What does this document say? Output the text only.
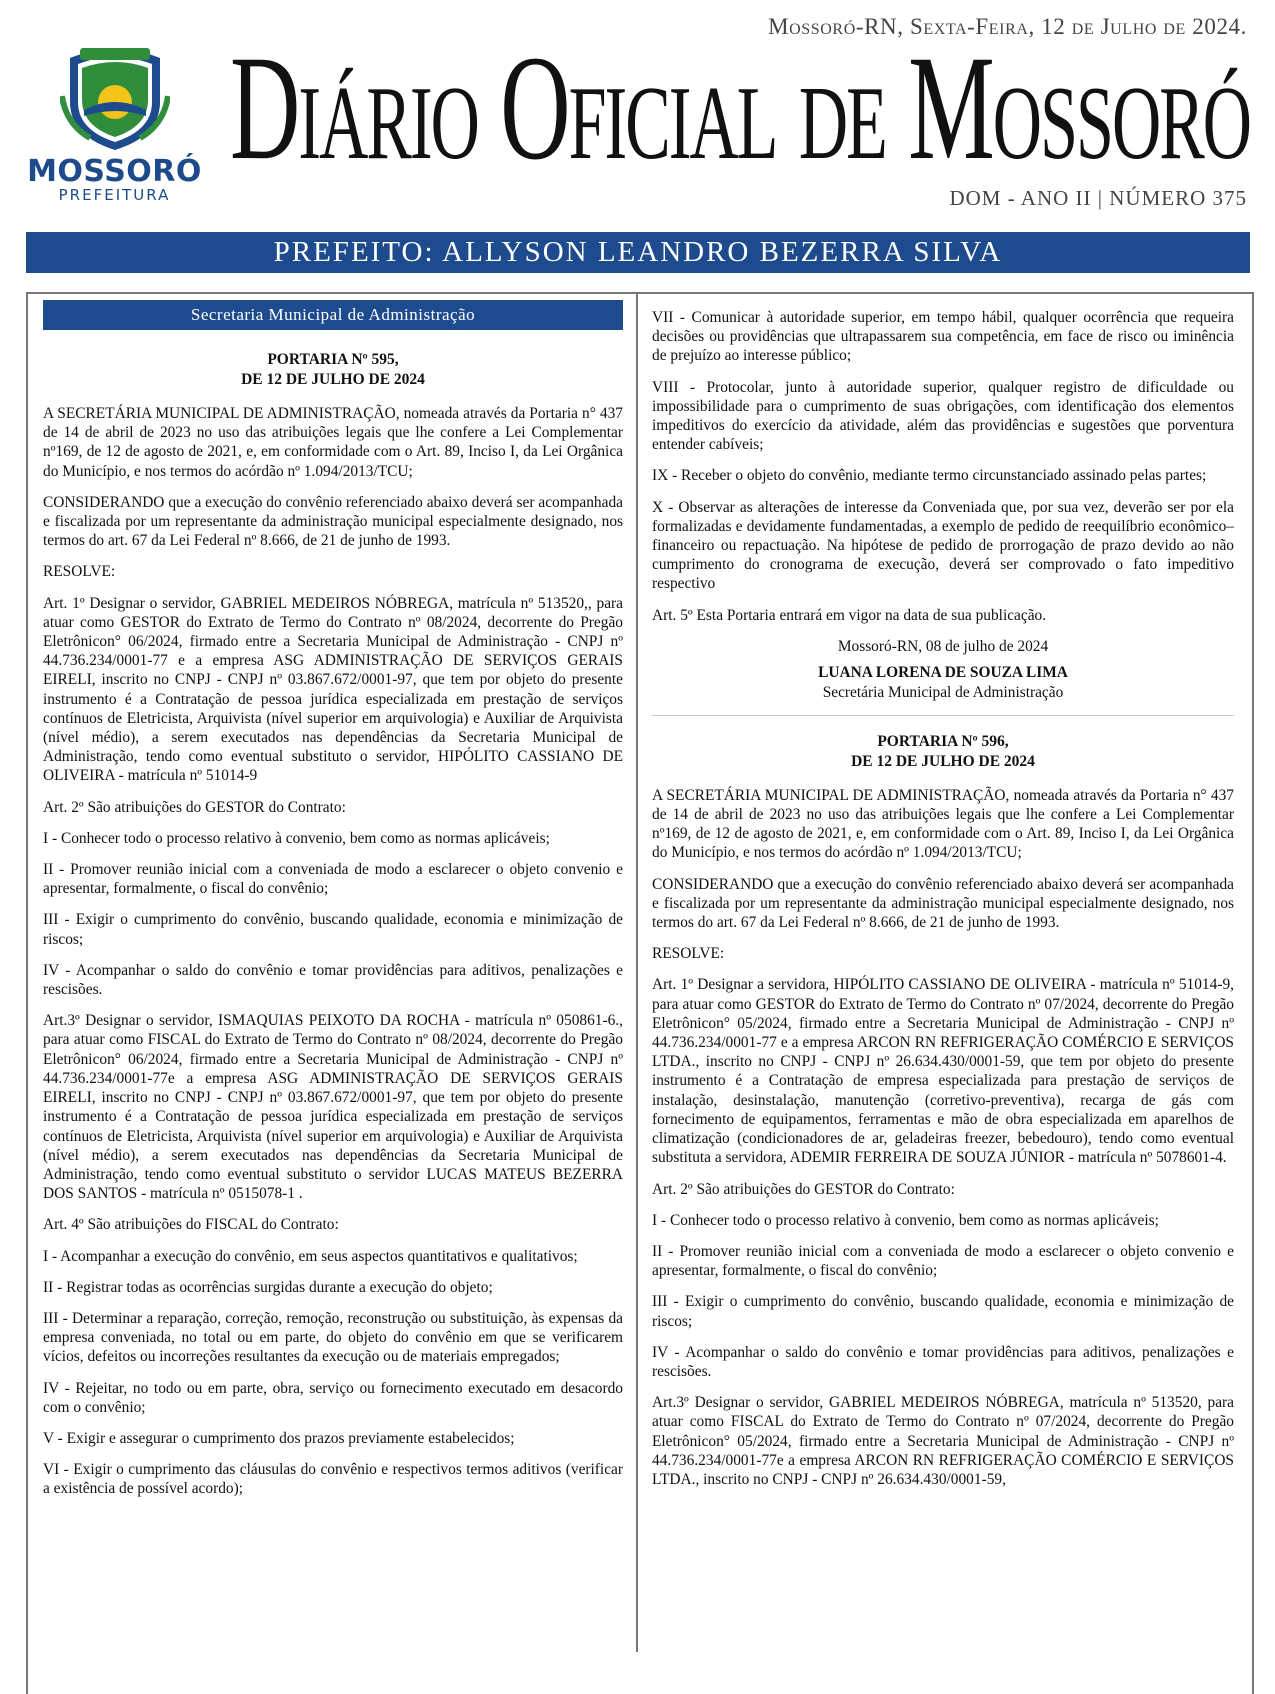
MOSSORÓ
PREFEITURA
Mossoró-RN, Sexta-Feira, 12 de Julho de 2024.
Diário Oficial de Mossoró
DOM - ANO II | NÚMERO 375
PREFEITO: ALLYSON LEANDRO BEZERRA SILVA
Secretaria Municipal de Administração
PORTARIA Nº 595,
DE 12 DE JULHO DE 2024

A SECRETÁRIA MUNICIPAL DE ADMINISTRAÇÃO, nomeada através da Portaria n° 437 de 14 de abril de 2023 no uso das atribuições legais que lhe confere a Lei Complementar nº169, de 12 de agosto de 2021, e, em conformidade com o Art. 89, Inciso I, da Lei Orgânica do Município, e nos termos do acórdão nº 1.094/2013/TCU;

CONSIDERANDO que a execução do convênio referenciado abaixo deverá ser acompanhada e fiscalizada por um representante da administração municipal especialmente designado, nos termos do art. 67 da Lei Federal nº 8.666, de 21 de junho de 1993.

RESOLVE:

Art. 1º Designar o servidor, GABRIEL MEDEIROS NÓBREGA, matrícula nº 513520,, para atuar como GESTOR do Extrato de Termo do Contrato nº 08/2024, decorrente do Pregão Eletrônicon° 06/2024, firmado entre a Secretaria Municipal de Administração - CNPJ nº 44.736.234/0001-77 e a empresa ASG ADMINISTRAÇÃO DE SERVIÇOS GERAIS EIRELI, inscrito no CNPJ - CNPJ nº 03.867.672/0001-97, que tem por objeto do presente instrumento é a Contratação de pessoa jurídica especializada em prestação de serviços contínuos de Eletricista, Arquivista (nível superior em arquivologia) e Auxiliar de Arquivista (nível médio), a serem executados nas dependências da Secretaria Municipal de Administração, tendo como eventual substituto o servidor, HIPÓLITO CASSIANO DE OLIVEIRA - matrícula nº 51014-9

Art. 2º São atribuições do GESTOR do Contrato:

I - Conhecer todo o processo relativo à convenio, bem como as normas aplicáveis;

II - Promover reunião inicial com a conveniada de modo a esclarecer o objeto convenio e apresentar, formalmente, o fiscal do convênio;

III - Exigir o cumprimento do convênio, buscando qualidade, economia e minimização de riscos;

IV - Acompanhar o saldo do convênio e tomar providências para aditivos, penalizações e rescisões.

Art.3º Designar o servidor, ISMAQUIAS PEIXOTO DA ROCHA - matrícula nº 050861-6., para atuar como FISCAL do Extrato de Termo do Contrato nº 08/2024, decorrente do Pregão Eletrônicon° 06/2024, firmado entre a Secretaria Municipal de Administração - CNPJ nº 44.736.234/0001-77e a empresa ASG ADMINISTRAÇÃO DE SERVIÇOS GERAIS EIRELI, inscrito no CNPJ - CNPJ nº 03.867.672/0001-97, que tem por objeto do presente instrumento é a Contratação de pessoa jurídica especializada em prestação de serviços contínuos de Eletricista, Arquivista (nível superior em arquivologia) e Auxiliar de Arquivista (nível médio), a serem executados nas dependências da Secretaria Municipal de Administração, tendo como eventual substituto o servidor LUCAS MATEUS BEZERRA DOS SANTOS - matrícula nº 0515078-1 .

Art. 4º São atribuições do FISCAL do Contrato:

I - Acompanhar a execução do convênio, em seus aspectos quantitativos e qualitativos;

II - Registrar todas as ocorrências surgidas durante a execução do objeto;

III - Determinar a reparação, correção, remoção, reconstrução ou substituição, às expensas da empresa conveniada, no total ou em parte, do objeto do convênio em que se verificarem vícios, defeitos ou incorreções resultantes da execução ou de materiais empregados;

IV - Rejeitar, no todo ou em parte, obra, serviço ou fornecimento executado em desacordo com o convênio;

V - Exigir e assegurar o cumprimento dos prazos previamente estabelecidos;

VI - Exigir o cumprimento das cláusulas do convênio e respectivos termos aditivos (verificar a existência de possível acordo);

VII - Comunicar à autoridade superior, em tempo hábil, qualquer ocorrência que requeira decisões ou providências que ultrapassarem sua competência, em face de risco ou iminência de prejuízo ao interesse público;

VIII - Protocolar, junto à autoridade superior, qualquer registro de dificuldade ou impossibilidade para o cumprimento de suas obrigações, com identificação dos elementos impeditivos do exercício da atividade, além das providências e sugestões que porventura entender cabíveis;

IX - Receber o objeto do convênio, mediante termo circunstanciado assinado pelas partes;

X - Observar as alterações de interesse da Conveniada que, por sua vez, deverão ser por ela formalizadas e devidamente fundamentadas, a exemplo de pedido de reequilíbrio econômico–financeiro ou repactuação. Na hipótese de pedido de prorrogação de prazo devido ao não cumprimento do cronograma de execução, deverá ser comprovado o fato impeditivo respectivo

Art. 5º Esta Portaria entrará em vigor na data de sua publicação.

Mossoró-RN, 08 de julho de 2024
LUANA LORENA DE SOUZA LIMA
Secretária Municipal de Administração
PORTARIA Nº 596,
DE 12 DE JULHO DE 2024

A SECRETÁRIA MUNICIPAL DE ADMINISTRAÇÃO, nomeada através da Portaria n° 437 de 14 de abril de 2023 no uso das atribuições legais que lhe confere a Lei Complementar nº169, de 12 de agosto de 2021, e, em conformidade com o Art. 89, Inciso I, da Lei Orgânica do Município, e nos termos do acórdão nº 1.094/2013/TCU;

CONSIDERANDO que a execução do convênio referenciado abaixo deverá ser acompanhada e fiscalizada por um representante da administração municipal especialmente designado, nos termos do art. 67 da Lei Federal nº 8.666, de 21 de junho de 1993.

RESOLVE:

Art. 1º Designar a servidora, HIPÓLITO CASSIANO DE OLIVEIRA - matrícula nº 51014-9, para atuar como GESTOR do Extrato de Termo do Contrato nº 07/2024, decorrente do Pregão Eletrônicon° 05/2024, firmado entre a Secretaria Municipal de Administração - CNPJ nº 44.736.234/0001-77 e a empresa ARCON RN REFRIGERAÇÃO COMÉRCIO E SERVIÇOS LTDA., inscrito no CNPJ - CNPJ nº 26.634.430/0001-59, que tem por objeto do presente instrumento é a Contratação de empresa especializada para prestação de serviços de instalação, desinstalação, manutenção (corretivo-preventiva), recarga de gás com fornecimento de equipamentos, ferramentas e mão de obra especializada em aparelhos de climatização (condicionadores de ar, geladeiras freezer, bebedouro), tendo como eventual substituta a servidora, ADEMIR FERREIRA DE SOUZA JÚNIOR - matrícula nº 5078601-4.

Art. 2º São atribuições do GESTOR do Contrato:

I - Conhecer todo o processo relativo à convenio, bem como as normas aplicáveis;

II - Promover reunião inicial com a conveniada de modo a esclarecer o objeto convenio e apresentar, formalmente, o fiscal do convênio;

III - Exigir o cumprimento do convênio, buscando qualidade, economia e minimização de riscos;

IV - Acompanhar o saldo do convênio e tomar providências para aditivos, penalizações e rescisões.

Art.3º Designar o servidor, GABRIEL MEDEIROS NÓBREGA, matrícula nº 513520, para atuar como FISCAL do Extrato de Termo do Contrato nº 07/2024, decorrente do Pregão Eletrônicon° 05/2024, firmado entre a Secretaria Municipal de Administração - CNPJ nº 44.736.234/0001-77e a empresa ARCON RN REFRIGERAÇÃO COMÉRCIO E SERVIÇOS LTDA., inscrito no CNPJ - CNPJ nº 26.634.430/0001-59,
